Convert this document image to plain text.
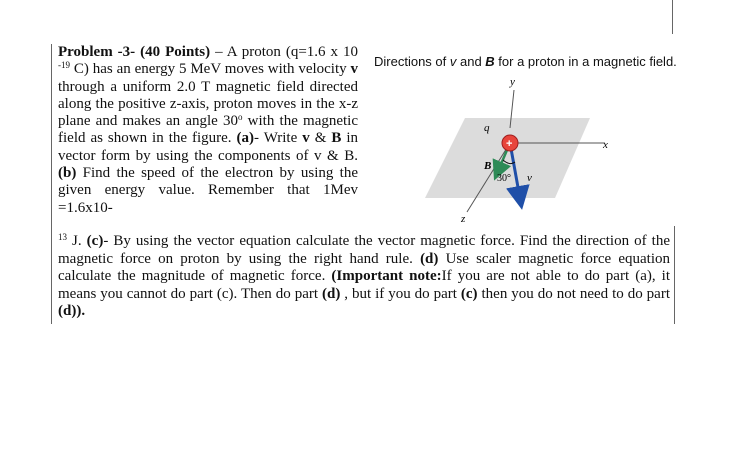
Problem -3- (40 Points) – A proton (q=1.6 x 10 $^{-19}$ C) has an energy 5 MeV moves with velocity v through a uniform 2.0 T magnetic field directed along the positive z-axis, proton moves in the x-z plane and makes an angle 30$^o$ with the magnetic field as shown in the figure. (a)- Write v & B in vector form by using the components of v & B. (b) Find the speed of the electron by using the given energy value. Remember that 1Mev =1.6x10-
$^{13}$ J. (c)- By using the vector equation calculate the vector magnetic force. Find the direction of the magnetic force on proton by using the right hand rule. (d) Use scaler magnetic force equation calculate the magnitude of magnetic force. (Important note:If you are not able to do part (a), it means you cannot do part (c). Then do part (d) , but if you do part (c) then you do not need to do part (d)).
Directions of v and B for a proton in a magnetic field.
y
x
z
30°
B
v
q
+
